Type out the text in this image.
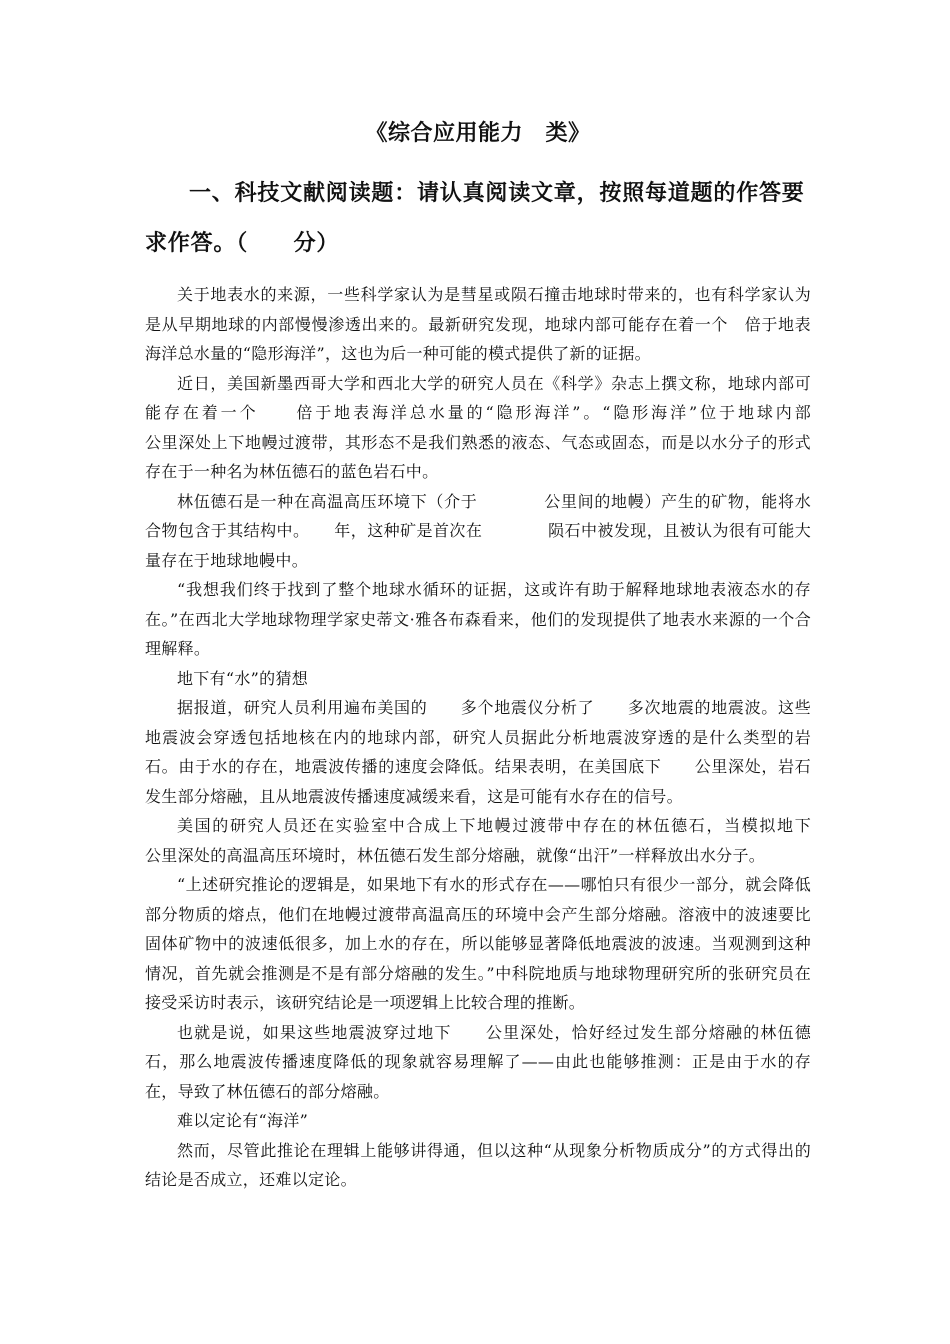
《综合应用能力　类》
一、科技文献阅读题：请认真阅读文章，按照每道题的作答要求作答。（　　分）

关于地表水的来源，一些科学家认为是彗星或陨石撞击地球时带来的，也有科学家认为是从早期地球的内部慢慢渗透出来的。最新研究发现，地球内部可能存在着一个　倍于地表海洋总水量的“隐形海洋”，这也为后一种可能的模式提供了新的证据。

近日，美国新墨西哥大学和西北大学的研究人员在《科学》杂志上撰文称，地球内部可能存在着一个　　倍于地表海洋总水量的“隐形海洋”。“隐形海洋”位于地球内部　　　　　公里深处上下地幔过渡带，其形态不是我们熟悉的液态、气态或固态，而是以水分子的形式存在于一种名为林伍德石的蓝色岩石中。

林伍德石是一种在高温高压环境下（介于　　　　公里间的地幔）产生的矿物，能将水合物包含于其结构中。　　年，这种矿是首次在　　　　陨石中被发现，且被认为很有可能大量存在于地球地幔中。

“我想我们终于找到了整个地球水循环的证据，这或许有助于解释地球地表液态水的存在。”在西北大学地球物理学家史蒂文·雅各布森看来，他们的发现提供了地表水来源的一个合理解释。

地下有“水”的猜想

据报道，研究人员利用遍布美国的　　多个地震仪分析了　　多次地震的地震波。这些地震波会穿透包括地核在内的地球内部，研究人员据此分析地震波穿透的是什么类型的岩石。由于水的存在，地震波传播的速度会降低。结果表明，在美国底下　　公里深处，岩石发生部分熔融，且从地震波传播速度减缓来看，这是可能有水存在的信号。

美国的研究人员还在实验室中合成上下地幔过渡带中存在的林伍德石，当模拟地下　　　公里深处的高温高压环境时，林伍德石发生部分熔融，就像“出汗”一样释放出水分子。

“上述研究推论的逻辑是，如果地下有水的形式存在——哪怕只有很少一部分，就会降低部分物质的熔点，他们在地幔过渡带高温高压的环境中会产生部分熔融。溶液中的波速要比固体矿物中的波速低很多，加上水的存在，所以能够显著降低地震波的波速。当观测到这种情况，首先就会推测是不是有部分熔融的发生。”中科院地质与地球物理研究所的张研究员在接受采访时表示，该研究结论是一项逻辑上比较合理的推断。

也就是说，如果这些地震波穿过地下　　公里深处，恰好经过发生部分熔融的林伍德石，那么地震波传播速度降低的现象就容易理解了——由此也能够推测：正是由于水的存在，导致了林伍德石的部分熔融。

难以定论有“海洋”

然而，尽管此推论在理辑上能够讲得通，但以这种“从现象分析物质成分”的方式得出的结论是否成立，还难以定论。
